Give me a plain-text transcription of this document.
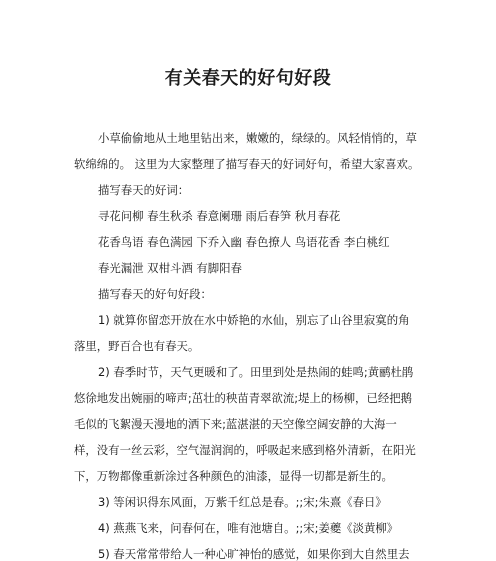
有关春天的好句好段
小草偷偷地从土地里钻出来，嫩嫩的，绿绿的。风轻悄悄的，草
软绵绵的。 这里为大家整理了描写春天的好词好句，希望大家喜欢。
描写春天的好词：
寻花问柳 春生秋杀 春意阑珊 雨后春笋 秋月春花
花香鸟语 春色满园 下乔入幽 春色撩人 鸟语花香 李白桃红
春光漏泄 双柑斗酒 有脚阳春
描写春天的好句好段：
1) 就算你留恋开放在水中娇艳的水仙，别忘了山谷里寂寞的角
落里，野百合也有春天。
2) 春季时节，天气更暖和了。田里到处是热闹的蛙鸣;黄鹂杜鹃
悠徐地发出婉丽的啼声;茁壮的秧苗青翠欲流;堤上的杨柳，已经把鹅
毛似的飞絮漫天漫地的洒下来;蓝湛湛的天空像空阔安静的大海一
样，没有一丝云彩，空气湿润润的，呼吸起来感到格外清新，在阳光
下，万物都像重新涂过各种颜色的油漆，显得一切都是新生的。
3) 等闲识得东风面，万紫千红总是春。;;宋;朱熹《春日》
4) 燕燕飞来，问春何在，唯有池塘自。;;宋;姜夔《淡黄柳》
5) 春天常常带给人一种心旷神怡的感觉，如果你到大自然里去
